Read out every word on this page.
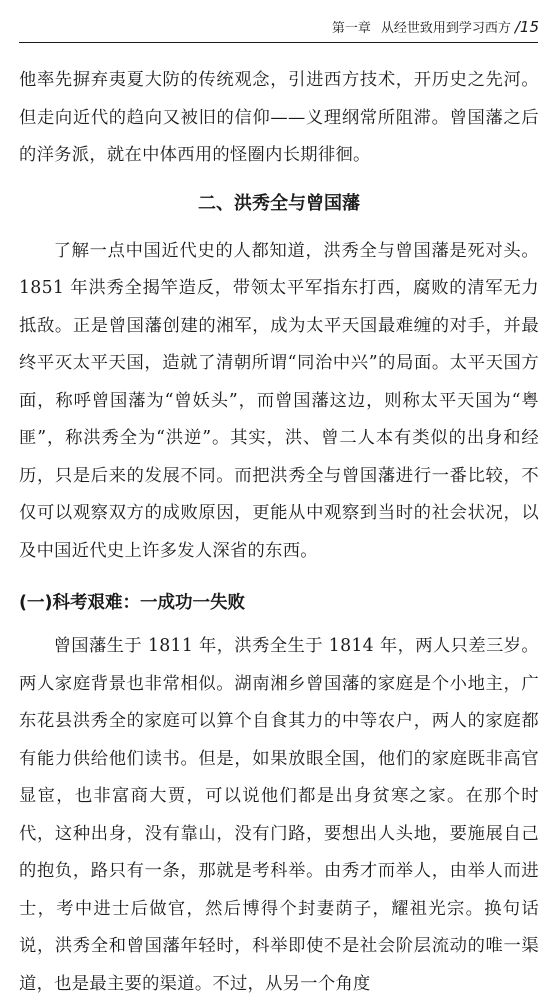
第一章 从经世致用到学习西方 /15

他率先摒弃夷夏大防的传统观念，引进西方技术，开历史之先河。但走向近代的趋向又被旧的信仰——义理纲常所阻滞。曾国藩之后的洋务派，就在中体西用的怪圈内长期徘徊。

二、洪秀全与曾国藩

了解一点中国近代史的人都知道，洪秀全与曾国藩是死对头。1851 年洪秀全揭竿造反，带领太平军指东打西，腐败的清军无力抵敌。正是曾国藩创建的湘军，成为太平天国最难缠的对手，并最终平灭太平天国，造就了清朝所谓“同治中兴”的局面。太平天国方面，称呼曾国藩为“曾妖头”，而曾国藩这边，则称太平天国为“粤匪”，称洪秀全为“洪逆”。其实，洪、曾二人本有类似的出身和经历，只是后来的发展不同。而把洪秀全与曾国藩进行一番比较，不仅可以观察双方的成败原因，更能从中观察到当时的社会状况，以及中国近代史上许多发人深省的东西。

(一)科考艰难：一成功一失败

曾国藩生于 1811 年，洪秀全生于 1814 年，两人只差三岁。两人家庭背景也非常相似。湖南湘乡曾国藩的家庭是个小地主，广东花县洪秀全的家庭可以算个自食其力的中等农户，两人的家庭都有能力供给他们读书。但是，如果放眼全国，他们的家庭既非高官显宦，也非富商大贾，可以说他们都是出身贫寒之家。在那个时代，这种出身，没有靠山，没有门路，要想出人头地，要施展自己的抱负，路只有一条，那就是考科举。由秀才而举人，由举人而进士，考中进士后做官，然后博得个封妻荫子，耀祖光宗。换句话说，洪秀全和曾国藩年轻时，科举即使不是社会阶层流动的唯一渠道，也是最主要的渠道。不过，从另一个角度
